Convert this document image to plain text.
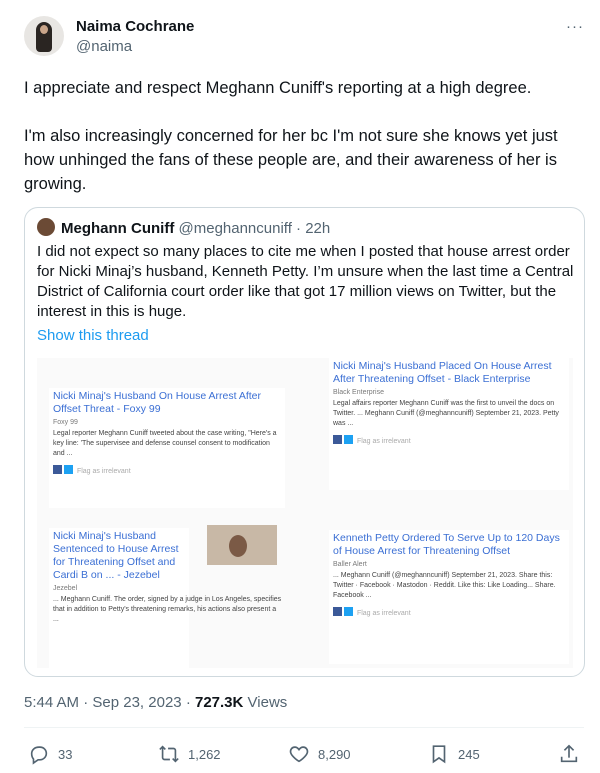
Naima Cochrane
@naima
···

I appreciate and respect Meghann Cuniff's reporting at a high degree.

I'm also increasingly concerned for her bc I'm not sure she knows yet just how unhinged the fans of these people are, and their awareness of her is growing.

Meghann Cuniff @meghanncuniff · 22h
I did not expect so many places to cite me when I posted that house arrest order for Nicki Minaj’s husband, Kenneth Petty. I’m unsure when the last time a Central District of California court order like that got 17 million views on Twitter, but the interest in this is huge.
Show this thread
Nicki Minaj's Husband On House Arrest After Offset Threat - Foxy 99
Foxy 99
Legal reporter Meghann Cuniff tweeted about the case writing, "Here's a key line: 'The supervisee and defense counsel consent to modification and ...
Flag as irrelevant
Nicki Minaj's Husband Sentenced to House Arrest for Threatening Offset and Cardi B on ... - Jezebel
Jezebel
... Meghann Cuniff. The order, signed by a judge in Los Angeles, specifies that in addition to Petty's threatening remarks, his actions also present a ...
Nicki Minaj's Husband Placed On House Arrest After Threatening Offset - Black Enterprise
Black Enterprise
Legal affairs reporter Meghann Cuniff was the first to unveil the docs on Twitter. ... Meghann Cuniff (@meghanncuniff) September 21, 2023. Petty was ...
Flag as irrelevant
Kenneth Petty Ordered To Serve Up to 120 Days of House Arrest for Threatening Offset
Baller Alert
... Meghann Cuniff (@meghanncuniff) September 21, 2023. Share this: Twitter · Facebook · Mastodon · Reddit. Like this: Like Loading... Share. Facebook ...
Flag as irrelevant
5:44 AM · Sep 23, 2023 · 727.3K Views
33	1,262	8,290	245
